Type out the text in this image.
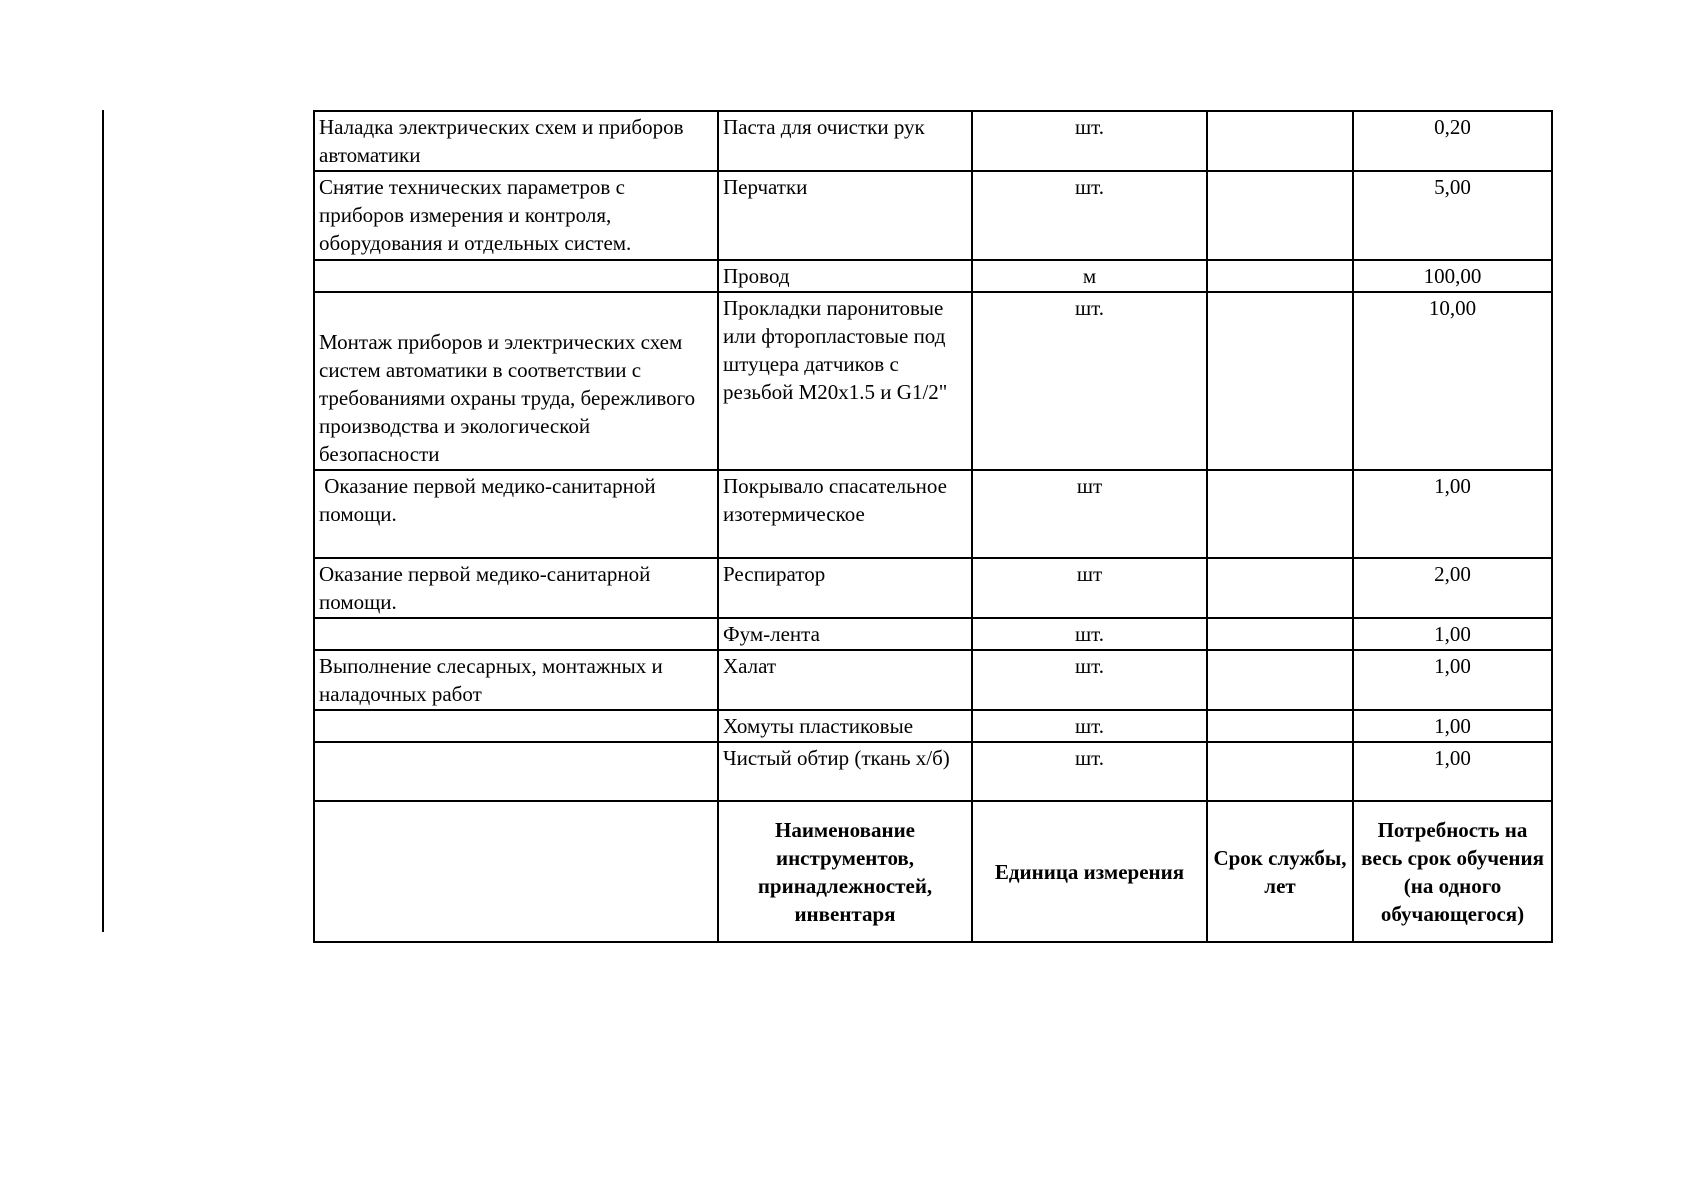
Наладка электрических схем и приборов автоматики	Паста для очистки рук	шт.		0,20
Снятие технических параметров с приборов измерения и контроля, оборудования и отдельных систем.	Перчатки	шт.		5,00
	Провод	м		100,00
Монтаж приборов и электрических схем систем автоматики в соответствии с требованиями охраны труда, бережливого производства и экологической безопасности	Прокладки паронитовые или фторопластовые под штуцера датчиков с резьбой М20х1.5 и G1/2"	шт.		10,00
Оказание первой медико-санитарной помощи.	Покрывало спасательное изотермическое	шт		1,00
Оказание первой медико-санитарной помощи.	Респиратор	шт		2,00
	Фум-лента	шт.		1,00
Выполнение слесарных, монтажных и наладочных работ	Халат	шт.		1,00
	Хомуты пластиковые	шт.		1,00
	Чистый обтир (ткань х/б)	шт.		1,00
	Наименование инструментов, принадлежностей, инвентаря	Единица измерения	Срок службы, лет	Потребность на весь срок обучения (на одного обучающегося)
